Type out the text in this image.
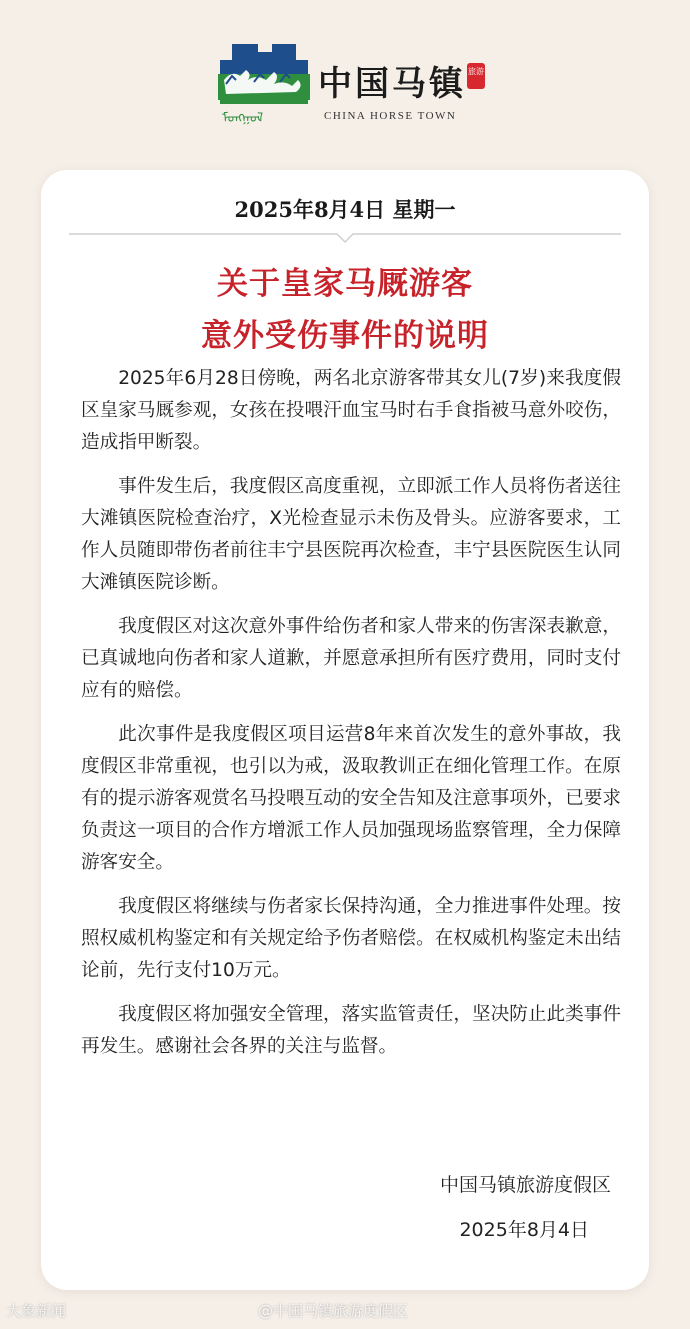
ᠮᠣᠩᠭᠣᠯ
中国马镇
CHINA HORSE TOWN
旅游
2025年8月4日 星期一
关于皇家马厩游客
意外受伤事件的说明

2025年6月28日傍晚，两名北京游客带其女儿(7岁)来我度假区皇家马厩参观，女孩在投喂汗血宝马时右手食指被马意外咬伤，造成指甲断裂。

事件发生后，我度假区高度重视，立即派工作人员将伤者送往大滩镇医院检查治疗，X光检查显示未伤及骨头。应游客要求，工作人员随即带伤者前往丰宁县医院再次检查，丰宁县医院医生认同大滩镇医院诊断。

我度假区对这次意外事件给伤者和家人带来的伤害深表歉意，已真诚地向伤者和家人道歉，并愿意承担所有医疗费用，同时支付应有的赔偿。

此次事件是我度假区项目运营8年来首次发生的意外事故，我度假区非常重视，也引以为戒，汲取教训正在细化管理工作。在原有的提示游客观赏名马投喂互动的安全告知及注意事项外，已要求负责这一项目的合作方增派工作人员加强现场监察管理，全力保障游客安全。

我度假区将继续与伤者家长保持沟通，全力推进事件处理。按照权威机构鉴定和有关规定给予伤者赔偿。在权威机构鉴定未出结论前，先行支付10万元。

我度假区将加强安全管理，落实监管责任，坚决防止此类事件再发生。感谢社会各界的关注与监督。

中国马镇旅游度假区
2025年8月4日
大象新闻	@中国马镇旅游度假区
